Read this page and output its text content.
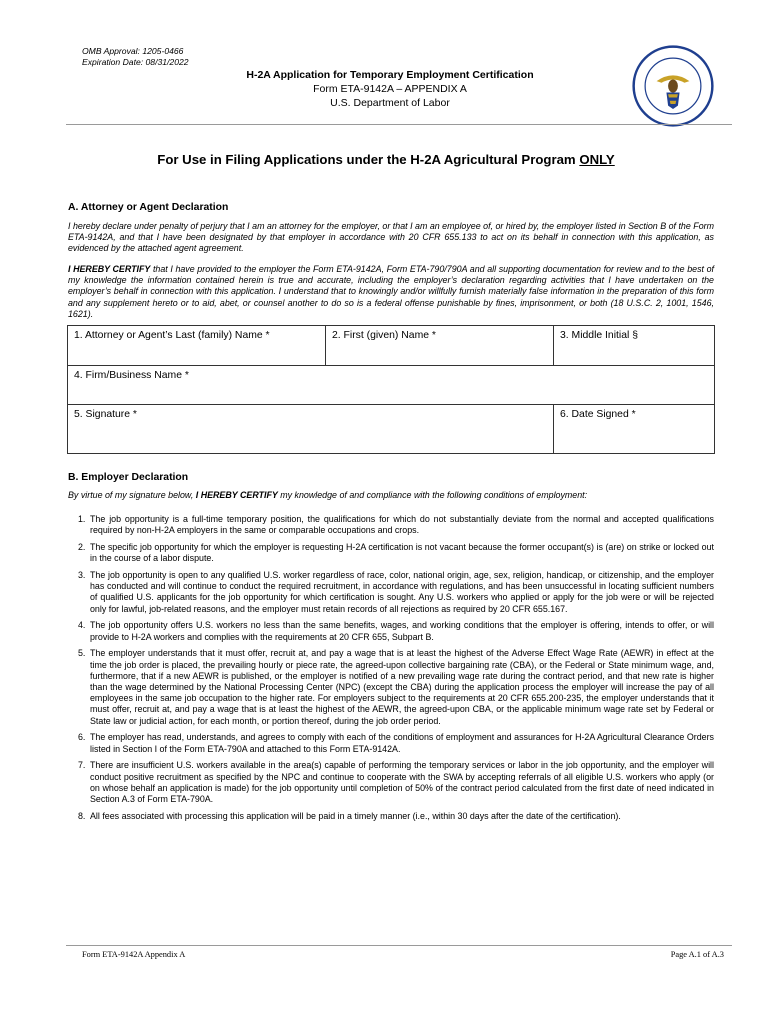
OMB Approval: 1205-0466
Expiration Date: 08/31/2022
H-2A Application for Temporary Employment Certification
Form ETA-9142A – APPENDIX A
U.S. Department of Labor
For Use in Filing Applications under the H-2A Agricultural Program ONLY
A. Attorney or Agent Declaration
I hereby declare under penalty of perjury that I am an attorney for the employer, or that I am an employee of, or hired by, the employer listed in Section B of the Form ETA-9142A, and that I have been designated by that employer in accordance with 20 CFR 655.133 to act on its behalf in connection with this application, as evidenced by the attached agent agreement.
I HEREBY CERTIFY that I have provided to the employer the Form ETA-9142A, Form ETA-790/790A and all supporting documentation for review and to the best of my knowledge the information contained herein is true and accurate, including the employer’s declaration regarding activities that I have undertaken on the employer’s behalf in connection with this application. I understand that to knowingly and/or willfully furnish materially false information in the preparation of this form and any supplement hereto or to aid, abet, or counsel another to do so is a federal offense punishable by fines, imprisonment, or both (18 U.S.C. 2, 1001, 1546, 1621).
1. Attorney or Agent’s Last (family) Name *	2. First (given) Name *	3. Middle Initial §
4. Firm/Business Name *		
5. Signature *		6. Date Signed *
B. Employer Declaration
By virtue of my signature below, I HEREBY CERTIFY my knowledge of and compliance with the following conditions of employment:
1. The job opportunity is a full-time temporary position, the qualifications for which do not substantially deviate from the normal and accepted qualifications required by non-H-2A employers in the same or comparable occupations and crops.
2. The specific job opportunity for which the employer is requesting H-2A certification is not vacant because the former occupant(s) is (are) on strike or locked out in the course of a labor dispute.
3. The job opportunity is open to any qualified U.S. worker regardless of race, color, national origin, age, sex, religion, handicap, or citizenship, and the employer has conducted and will continue to conduct the required recruitment, in accordance with regulations, and has been unsuccessful in locating sufficient numbers of qualified U.S. applicants for the job opportunity for which certification is sought. Any U.S. workers who applied or apply for the job were or will be rejected only for lawful, job-related reasons, and the employer must retain records of all rejections as required by 20 CFR 655.167.
4. The job opportunity offers U.S. workers no less than the same benefits, wages, and working conditions that the employer is offering, intends to offer, or will provide to H-2A workers and complies with the requirements at 20 CFR 655, Subpart B.
5. The employer understands that it must offer, recruit at, and pay a wage that is at least the highest of the Adverse Effect Wage Rate (AEWR) in effect at the time the job order is placed, the prevailing hourly or piece rate, the agreed-upon collective bargaining rate (CBA), or the Federal or State minimum wage, and, furthermore, that if a new AEWR is published, or the employer is notified of a new prevailing wage rate during the contract period, and that new rate is higher than the wage determined by the National Processing Center (NPC) (except the CBA) during the application process the employer will increase the pay of all employees in the same job occupation to the higher rate. For employers subject to the requirements at 20 CFR 655.200-235, the employer understands that it must offer, recruit at, and pay a wage that is at least the highest of the AEWR, the agreed-upon CBA, or the applicable minimum wage rate set by Federal or State law or judicial action, for each month, or portion thereof, during the job order period.
6. The employer has read, understands, and agrees to comply with each of the conditions of employment and assurances for H-2A Agricultural Clearance Orders listed in Section I of the Form ETA-790A and attached to this Form ETA-9142A.
7. There are insufficient U.S. workers available in the area(s) capable of performing the temporary services or labor in the job opportunity, and the employer will conduct positive recruitment as specified by the NPC and continue to cooperate with the SWA by accepting referrals of all eligible U.S. workers who apply (or on whose behalf an application is made) for the job opportunity until completion of 50% of the contract period calculated from the first date of need indicated in Section A.3 of Form ETA-790A.
8. All fees associated with processing this application will be paid in a timely manner (i.e., within 30 days after the date of the certification).
Form ETA-9142A Appendix A	Page A.1 of A.3
